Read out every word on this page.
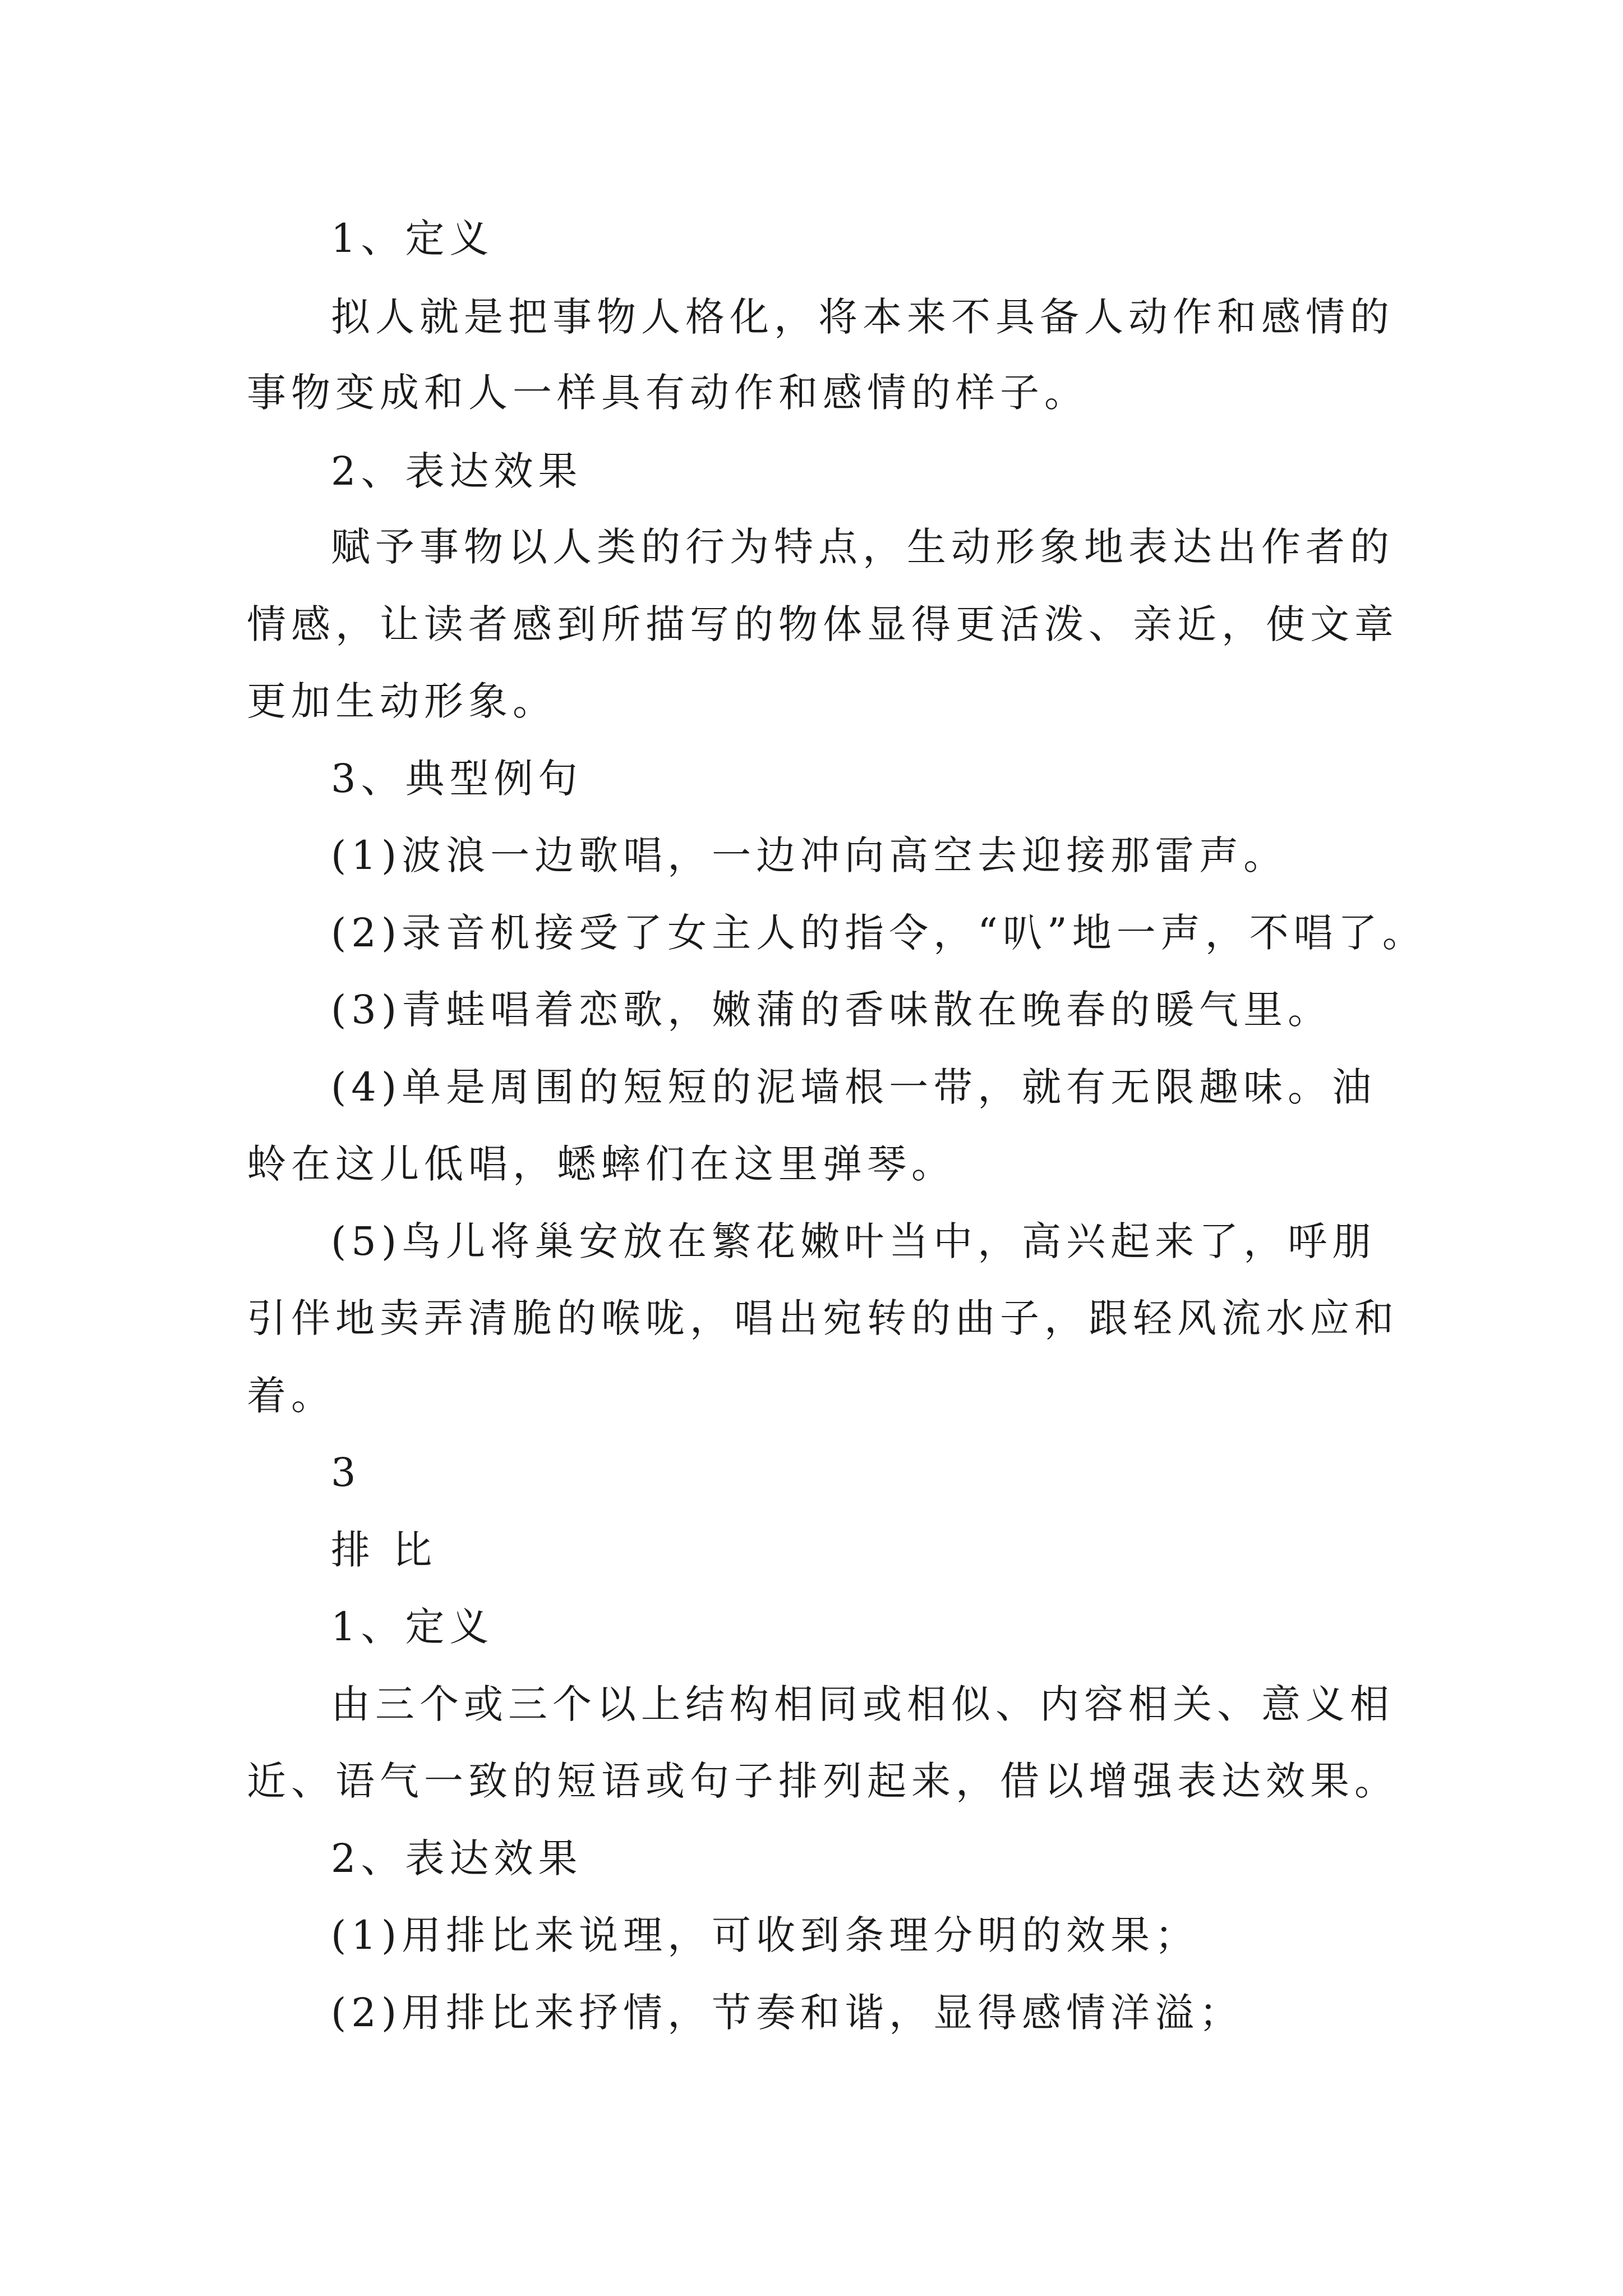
1、定义

拟人就是把事物人格化，将本来不具备人动作和感情的

事物变成和人一样具有动作和感情的样子。

2、表达效果

赋予事物以人类的行为特点，生动形象地表达出作者的

情感，让读者感到所描写的物体显得更活泼、亲近，使文章

更加生动形象。

3、典型例句

(1)波浪一边歌唱，一边冲向高空去迎接那雷声。

(2)录音机接受了女主人的指令，“叭”地一声，不唱了。

(3)青蛙唱着恋歌，嫩蒲的香味散在晚春的暖气里。

(4)单是周围的短短的泥墙根一带，就有无限趣味。油

蛉在这儿低唱，蟋蟀们在这里弹琴。

(5)鸟儿将巢安放在繁花嫩叶当中，高兴起来了，呼朋

引伴地卖弄清脆的喉咙，唱出宛转的曲子，跟轻风流水应和

着。

3

排 比

1、定义

由三个或三个以上结构相同或相似、内容相关、意义相

近、语气一致的短语或句子排列起来，借以增强表达效果。

2、表达效果

(1)用排比来说理，可收到条理分明的效果；

(2)用排比来抒情，节奏和谐，显得感情洋溢；
